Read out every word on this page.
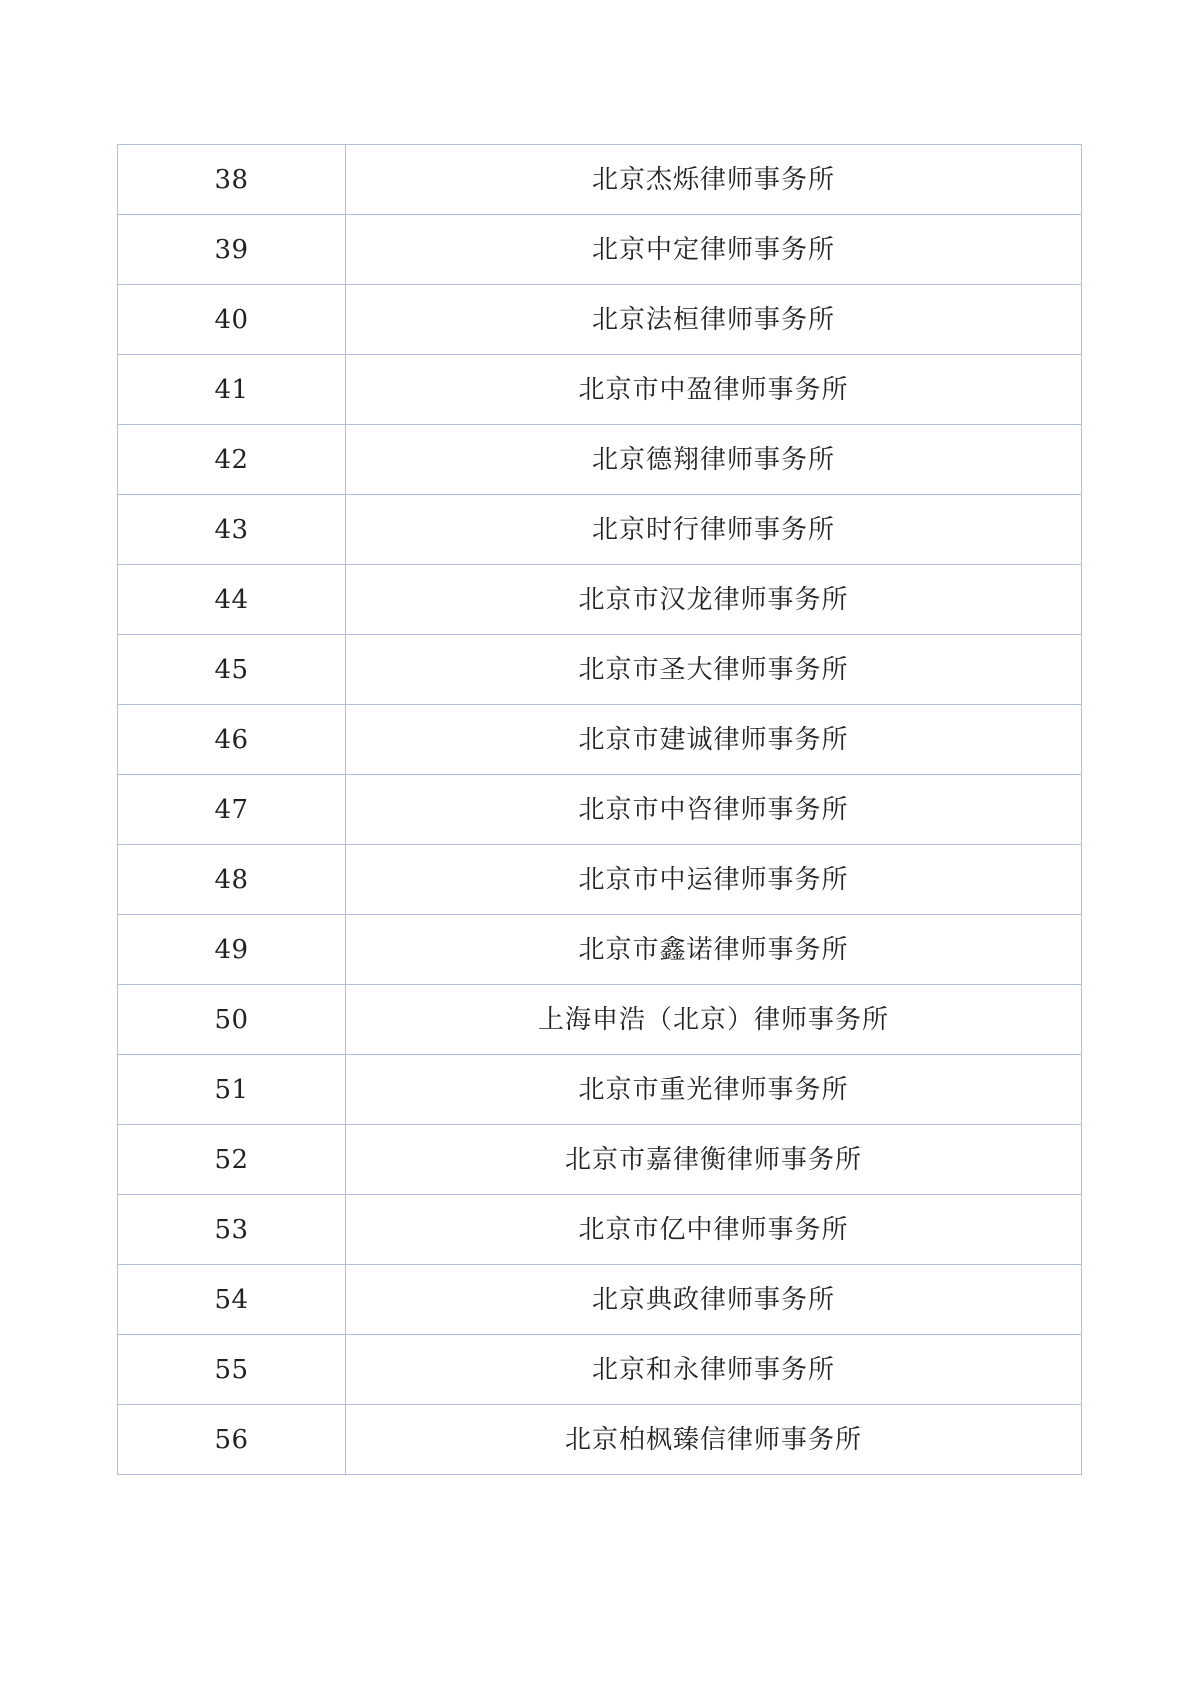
38	北京杰烁律师事务所
39	北京中定律师事务所
40	北京法桓律师事务所
41	北京市中盈律师事务所
42	北京德翔律师事务所
43	北京时行律师事务所
44	北京市汉龙律师事务所
45	北京市圣大律师事务所
46	北京市建诚律师事务所
47	北京市中咨律师事务所
48	北京市中运律师事务所
49	北京市鑫诺律师事务所
50	上海申浩（北京）律师事务所
51	北京市重光律师事务所
52	北京市嘉律衡律师事务所
53	北京市亿中律师事务所
54	北京典政律师事务所
55	北京和永律师事务所
56	北京柏枫臻信律师事务所
